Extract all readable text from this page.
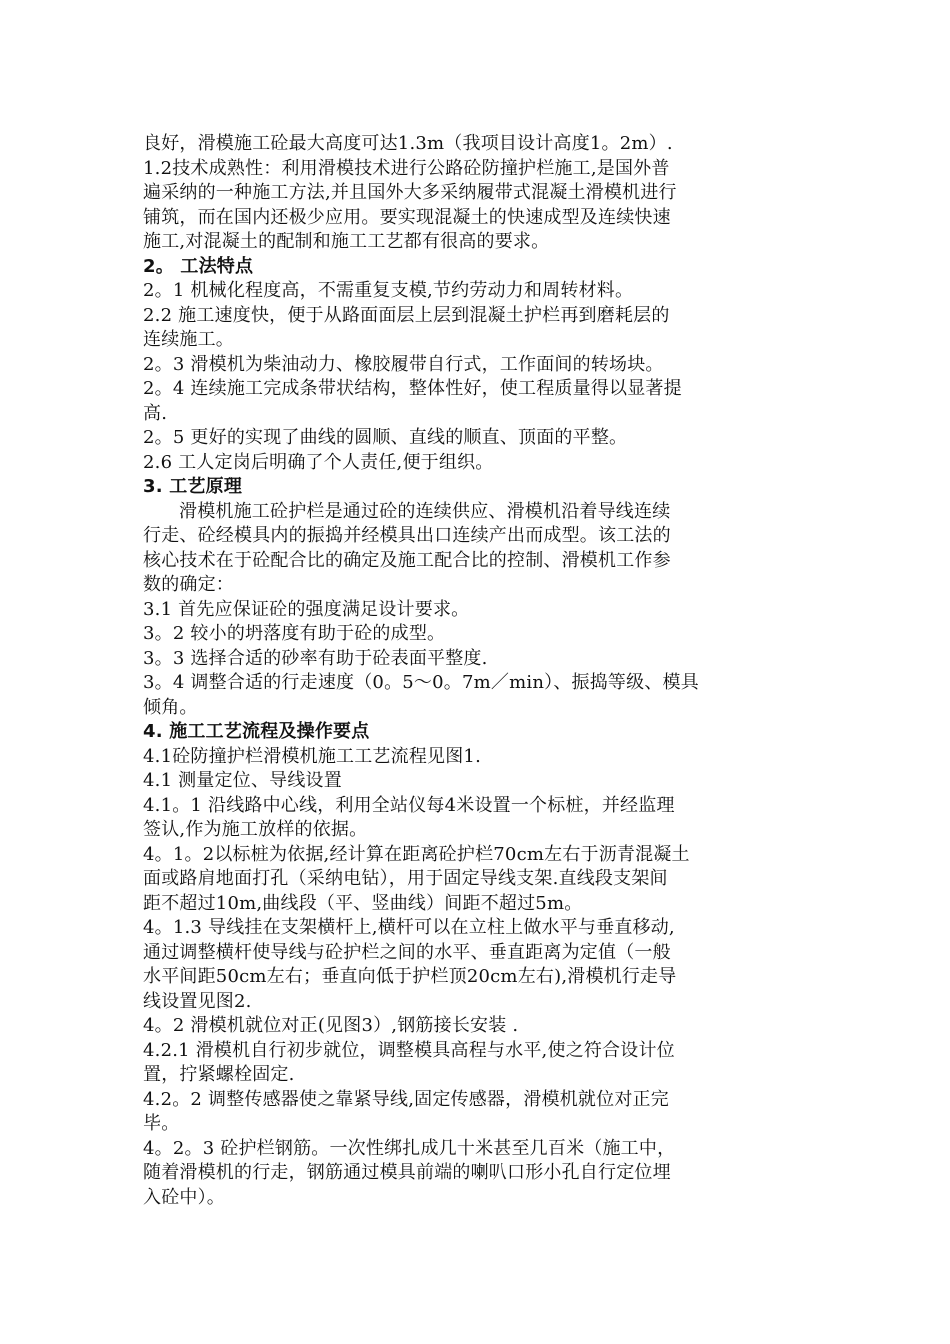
良好，滑模施工砼最大高度可达1.3m（我项目设计高度1。2m）.
1.2技术成熟性：利用滑模技术进行公路砼防撞护栏施工,是国外普
遍采纳的一种施工方法,并且国外大多采纳履带式混凝土滑模机进行
铺筑，而在国内还极少应用。要实现混凝土的快速成型及连续快速
施工,对混凝土的配制和施工工艺都有很高的要求。
2。 工法特点
2。1 机械化程度高，不需重复支模,节约劳动力和周转材料。
2.2 施工速度快，便于从路面面层上层到混凝土护栏再到磨耗层的
连续施工。
2。3 滑模机为柴油动力、橡胶履带自行式，工作面间的转场块。
2。4 连续施工完成条带状结构，整体性好，使工程质量得以显著提
高.
2。5 更好的实现了曲线的圆顺、直线的顺直、顶面的平整。
2.6 工人定岗后明确了个人责任,便于组织。
3. 工艺原理
滑模机施工砼护栏是通过砼的连续供应、滑模机沿着导线连续
行走、砼经模具内的振捣并经模具出口连续产出而成型。该工法的
核心技术在于砼配合比的确定及施工配合比的控制、滑模机工作参
数的确定：
3.1 首先应保证砼的强度满足设计要求。
3。2 较小的坍落度有助于砼的成型。
3。3 选择合适的砂率有助于砼表面平整度.
3。4 调整合适的行走速度（0。5～0。7m／min）、振捣等级、模具
倾角。
4. 施工工艺流程及操作要点
4.1砼防撞护栏滑模机施工工艺流程见图1.
4.1 测量定位、导线设置
4.1。1 沿线路中心线，利用全站仪每4米设置一个标桩，并经监理
签认,作为施工放样的依据。
4。1。2以标桩为依据,经计算在距离砼护栏70cm左右于沥青混凝土
面或路肩地面打孔（采纳电钻），用于固定导线支架.直线段支架间
距不超过10m,曲线段（平、竖曲线）间距不超过5m。
4。1.3 导线挂在支架横杆上,横杆可以在立柱上做水平与垂直移动,
通过调整横杆使导线与砼护栏之间的水平、垂直距离为定值（一般
水平间距50cm左右；垂直向低于护栏顶20cm左右),滑模机行走导
线设置见图2.
4。2 滑模机就位对正(见图3）,钢筋接长安装 .
4.2.1 滑模机自行初步就位，调整模具高程与水平,使之符合设计位
置，拧紧螺栓固定.
4.2。2 调整传感器使之靠紧导线,固定传感器，滑模机就位对正完
毕。
4。2。3 砼护栏钢筋。一次性绑扎成几十米甚至几百米（施工中，
随着滑模机的行走，钢筋通过模具前端的喇叭口形小孔自行定位埋
入砼中）。
